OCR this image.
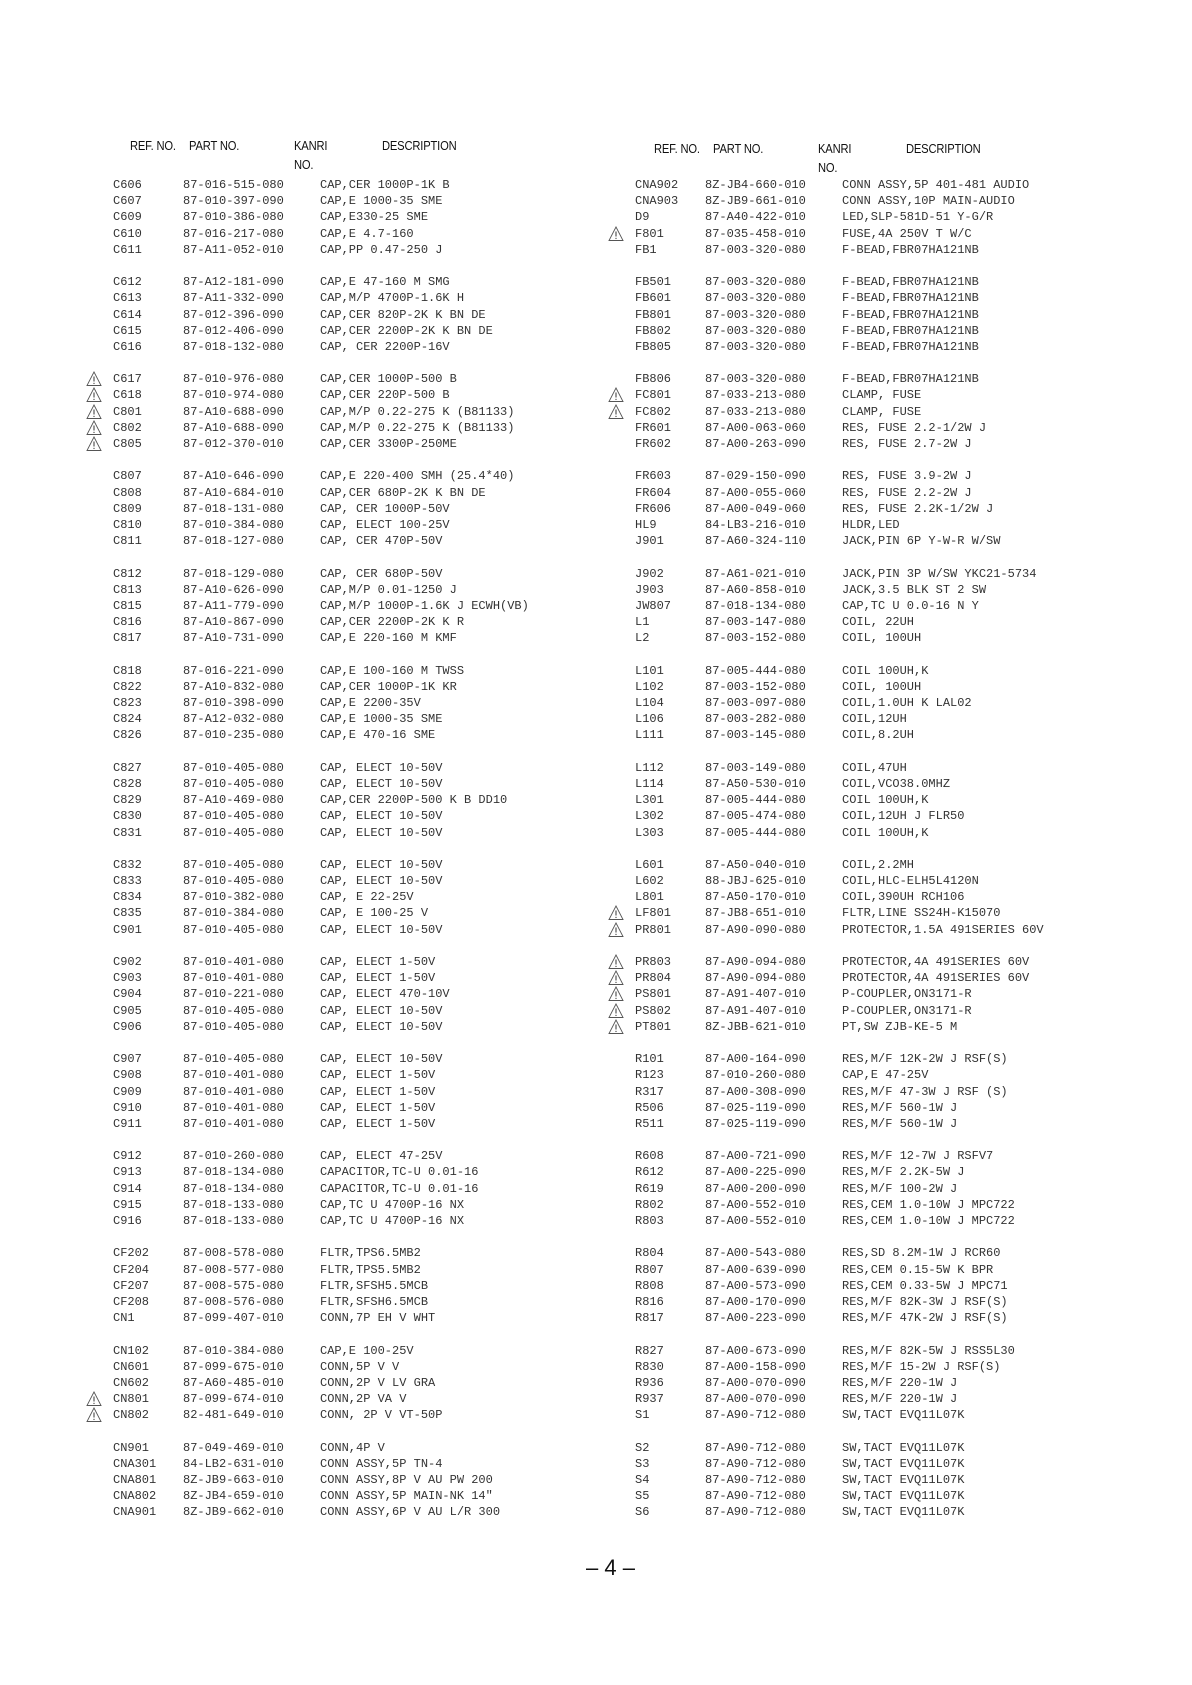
REF. NO. PART NO.	KANRI
NO.
DESCRIPTION	REF. NO. PART NO.	KANRI
NO.
DESCRIPTION
C606	87-016-515-080	CAP,CER 1000P-1K B
C607	87-010-397-090	CAP,E 1000-35 SME
C609	87-010-386-080	CAP,E330-25 SME
C610	87-016-217-080	CAP,E 4.7-160
C611	87-A11-052-010	CAP,PP 0.47-250 J
C612	87-A12-181-090	CAP,E 47-160 M SMG
C613	87-A11-332-090	CAP,M/P 4700P-1.6K H
C614	87-012-396-090	CAP,CER 820P-2K K BN DE
C615	87-012-406-090	CAP,CER 2200P-2K K BN DE
C616	87-018-132-080	CAP, CER 2200P-16V
C617	87-010-976-080	CAP,CER 1000P-500 B
C618	87-010-974-080	CAP,CER 220P-500 B
C801	87-A10-688-090	CAP,M/P 0.22-275 K (B81133)
C802	87-A10-688-090	CAP,M/P 0.22-275 K (B81133)
C805	87-012-370-010	CAP,CER 3300P-250ME
C807	87-A10-646-090	CAP,E 220-400 SMH (25.4*40)
C808	87-A10-684-010	CAP,CER 680P-2K K BN DE
C809	87-018-131-080	CAP, CER 1000P-50V
C810	87-010-384-080	CAP, ELECT 100-25V
C811	87-018-127-080	CAP, CER 470P-50V
C812	87-018-129-080	CAP, CER 680P-50V
C813	87-A10-626-090	CAP,M/P 0.01-1250 J
C815	87-A11-779-090	CAP,M/P 1000P-1.6K J ECWH(VB)
C816	87-A10-867-090	CAP,CER 2200P-2K K R
C817	87-A10-731-090	CAP,E 220-160 M KMF
C818	87-016-221-090	CAP,E 100-160 M TWSS
C822	87-A10-832-080	CAP,CER 1000P-1K KR
C823	87-010-398-090	CAP,E 2200-35V
C824	87-A12-032-080	CAP,E 1000-35 SME
C826	87-010-235-080	CAP,E 470-16 SME
C827	87-010-405-080	CAP, ELECT 10-50V
C828	87-010-405-080	CAP, ELECT 10-50V
C829	87-A10-469-080	CAP,CER 2200P-500 K B DD10
C830	87-010-405-080	CAP, ELECT 10-50V
C831	87-010-405-080	CAP, ELECT 10-50V
C832	87-010-405-080	CAP, ELECT 10-50V
C833	87-010-405-080	CAP, ELECT 10-50V
C834	87-010-382-080	CAP, E 22-25V
C835	87-010-384-080	CAP, E 100-25 V
C901	87-010-405-080	CAP, ELECT 10-50V
C902	87-010-401-080	CAP, ELECT 1-50V
C903	87-010-401-080	CAP, ELECT 1-50V
C904	87-010-221-080	CAP, ELECT 470-10V
C905	87-010-405-080	CAP, ELECT 10-50V
C906	87-010-405-080	CAP, ELECT 10-50V
C907	87-010-405-080	CAP, ELECT 10-50V
C908	87-010-401-080	CAP, ELECT 1-50V
C909	87-010-401-080	CAP, ELECT 1-50V
C910	87-010-401-080	CAP, ELECT 1-50V
C911	87-010-401-080	CAP, ELECT 1-50V
C912	87-010-260-080	CAP, ELECT 47-25V
C913	87-018-134-080	CAPACITOR,TC-U 0.01-16
C914	87-018-134-080	CAPACITOR,TC-U 0.01-16
C915	87-018-133-080	CAP,TC U 4700P-16 NX
C916	87-018-133-080	CAP,TC U 4700P-16 NX
CF202	87-008-578-080	FLTR,TPS6.5MB2
CF204	87-008-577-080	FLTR,TPS5.5MB2
CF207	87-008-575-080	FLTR,SFSH5.5MCB
CF208	87-008-576-080	FLTR,SFSH6.5MCB
CN1	87-099-407-010	CONN,7P EH V WHT
CN102	87-010-384-080	CAP,E 100-25V
CN601	87-099-675-010	CONN,5P V V
CN602	87-A60-485-010	CONN,2P V LV GRA
CN801	87-099-674-010	CONN,2P VA V
CN802	82-481-649-010	CONN, 2P V VT-50P
CN901	87-049-469-010	CONN,4P V
CNA301 84-LB2-631-010	CONN ASSY,5P TN-4
CNA801 8Z-JB9-663-010	CONN ASSY,8P V AU PW 200
CNA802 8Z-JB4-659-010	CONN ASSY,5P MAIN-NK 14"
CNA901 8Z-JB9-662-010	CONN ASSY,6P V AU L/R 300
CNA902 8Z-JB4-660-010	CONN ASSY,5P 401-481 AUDIO
CNA903 8Z-JB9-661-010	CONN ASSY,10P MAIN-AUDIO
D9	87-A40-422-010	LED,SLP-581D-51 Y-G/R
F801	87-035-458-010	FUSE,4A 250V T W/C
FB1	87-003-320-080	F-BEAD,FBR07HA121NB
FB501	87-003-320-080	F-BEAD,FBR07HA121NB
FB601	87-003-320-080	F-BEAD,FBR07HA121NB
FB801	87-003-320-080	F-BEAD,FBR07HA121NB
FB802	87-003-320-080	F-BEAD,FBR07HA121NB
FB805	87-003-320-080	F-BEAD,FBR07HA121NB
FB806	87-003-320-080	F-BEAD,FBR07HA121NB
FC801	87-033-213-080	CLAMP, FUSE
FC802	87-033-213-080	CLAMP, FUSE
FR601	87-A00-063-060	RES, FUSE 2.2-1/2W J
FR602	87-A00-263-090	RES, FUSE 2.7-2W J
FR603	87-029-150-090	RES, FUSE 3.9-2W J
FR604	87-A00-055-060	RES, FUSE 2.2-2W J
FR606	87-A00-049-060	RES, FUSE 2.2K-1/2W J
HL9	84-LB3-216-010	HLDR,LED
J901	87-A60-324-110	JACK,PIN 6P Y-W-R W/SW
J902	87-A61-021-010	JACK,PIN 3P W/SW YKC21-5734
J903	87-A60-858-010	JACK,3.5 BLK ST 2 SW
JW807	87-018-134-080	CAP,TC U 0.0-16 N Y
L1	87-003-147-080	COIL, 22UH
L2	87-003-152-080	COIL, 100UH
L101	87-005-444-080	COIL 100UH,K
L102	87-003-152-080	COIL, 100UH
L104	87-003-097-080	COIL,1.0UH K LAL02
L106	87-003-282-080	COIL,12UH
L111	87-003-145-080	COIL,8.2UH
L112	87-003-149-080	COIL,47UH
L114	87-A50-530-010	COIL,VCO38.0MHZ
L301	87-005-444-080	COIL 100UH,K
L302	87-005-474-080	COIL,12UH J FLR50
L303	87-005-444-080	COIL 100UH,K
L601	87-A50-040-010	COIL,2.2MH
L602	88-JBJ-625-010	COIL,HLC-ELH5L4120N
L801	87-A50-170-010	COIL,390UH RCH106
LF801	87-JB8-651-010	FLTR,LINE SS24H-K15070
PR801	87-A90-090-080	PROTECTOR,1.5A 491SERIES 60V
PR803	87-A90-094-080	PROTECTOR,4A 491SERIES 60V
PR804	87-A90-094-080	PROTECTOR,4A 491SERIES 60V
PS801	87-A91-407-010	P-COUPLER,ON3171-R
PS802	87-A91-407-010	P-COUPLER,ON3171-R
PT801	8Z-JBB-621-010	PT,SW ZJB-KE-5 M
R101	87-A00-164-090	RES,M/F 12K-2W J RSF(S)
R123	87-010-260-080	CAP,E 47-25V
R317	87-A00-308-090	RES,M/F 47-3W J RSF (S)
R506	87-025-119-090	RES,M/F 560-1W J
R511	87-025-119-090	RES,M/F 560-1W J
R608	87-A00-721-090	RES,M/F 12-7W J RSFV7
R612	87-A00-225-090	RES,M/F 2.2K-5W J
R619	87-A00-200-090	RES,M/F 100-2W J
R802	87-A00-552-010	RES,CEM 1.0-10W J MPC722
R803	87-A00-552-010	RES,CEM 1.0-10W J MPC722
R804	87-A00-543-080	RES,SD 8.2M-1W J RCR60
R807	87-A00-639-090	RES,CEM 0.15-5W K BPR
R808	87-A00-573-090	RES,CEM 0.33-5W J MPC71
R816	87-A00-170-090	RES,M/F 82K-3W J RSF(S)
R817	87-A00-223-090	RES,M/F 47K-2W J RSF(S)
R827	87-A00-673-090	RES,M/F 82K-5W J RSS5L30
R830	87-A00-158-090	RES,M/F 15-2W J RSF(S)
R936	87-A00-070-090	RES,M/F 220-1W J
R937	87-A00-070-090	RES,M/F 220-1W J
S1	87-A90-712-080	SW,TACT EVQ11L07K
S2	87-A90-712-080	SW,TACT EVQ11L07K
S3	87-A90-712-080	SW,TACT EVQ11L07K
S4	87-A90-712-080	SW,TACT EVQ11L07K
S5	87-A90-712-080	SW,TACT EVQ11L07K
S6	87-A90-712-080	SW,TACT EVQ11L07K
– 4 –
